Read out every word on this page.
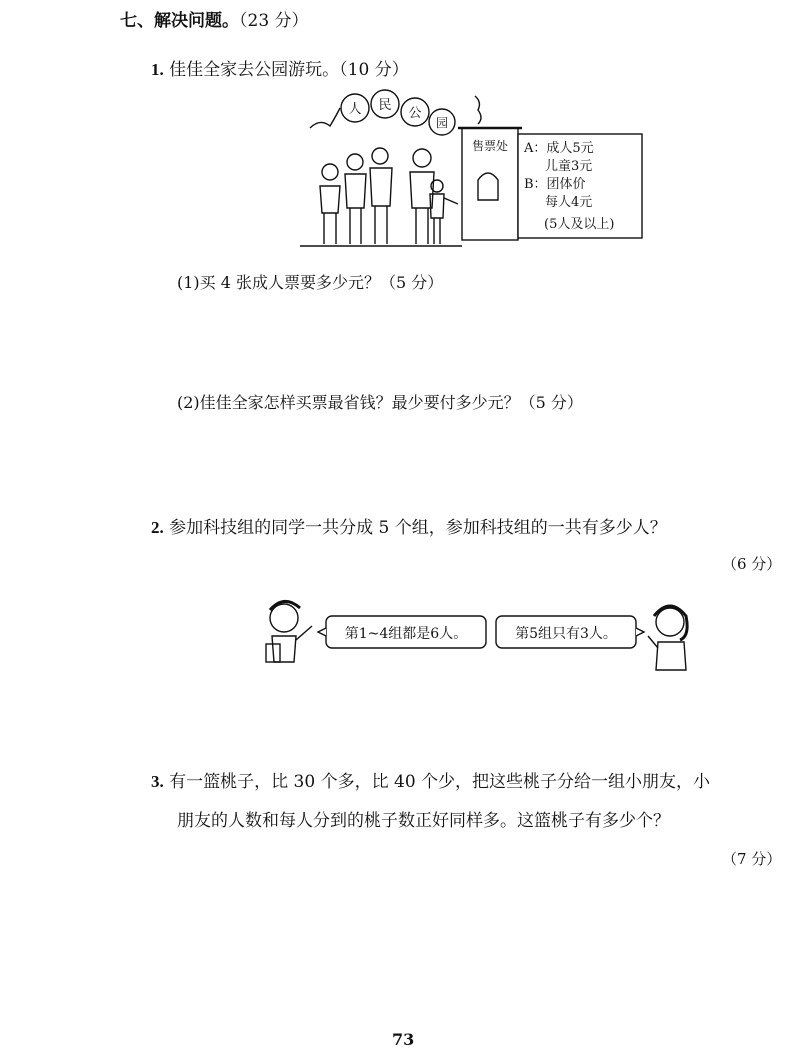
七、解决问题。（23 分）
1. 佳佳全家去公园游玩。（10 分）
人 民
公
园
售票处 A：成人5元
儿童3元
B：团体价
每人4元
(5人及以上)
(1)买 4 张成人票要多少元？（5 分）
(2)佳佳全家怎样买票最省钱？最少要付多少元？（5 分）
2. 参加科技组的同学一共分成 5 个组，参加科技组的一共有多少人？
（6 分）
第1~4组都是6人。	第5组只有3人。
3. 有一篮桃子，比 30 个多，比 40 个少，把这些桃子分给一组小朋友，小
朋友的人数和每人分到的桃子数正好同样多。这篮桃子有多少个？
（7 分）
73
